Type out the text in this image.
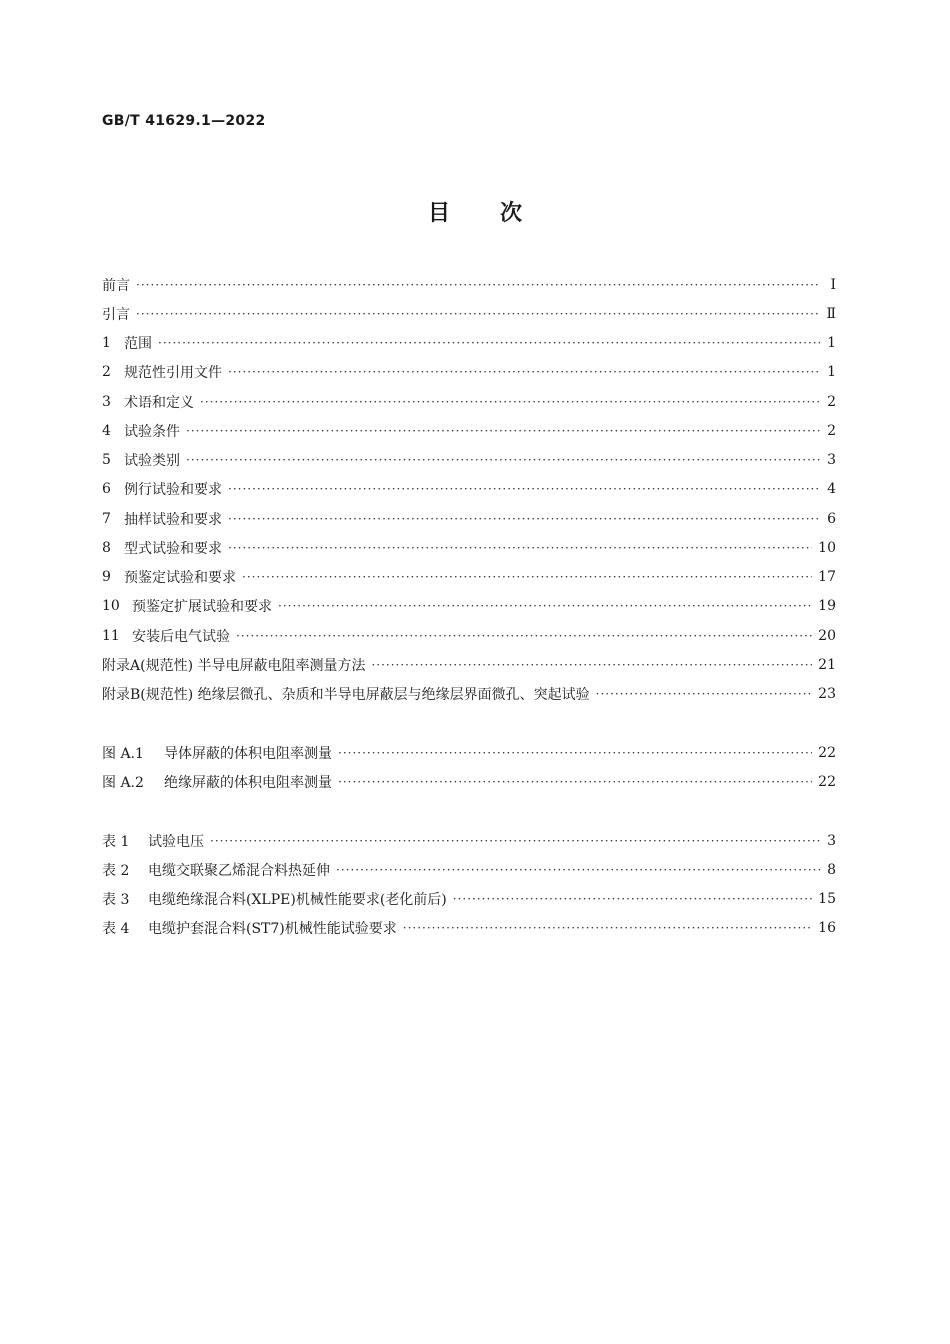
GB/T 41629.1—2022
目次
前言 ·····	Ⅰ
引言 ·····	Ⅱ
1 范围 ·····	1
2 规范性引用文件 ·····	1
3 术语和定义 ·····	2
4 试验条件 ·····	2
5 试验类别 ·····	3
6 例行试验和要求 ·····	4
7 抽样试验和要求 ·····	6
8 型式试验和要求 ·····	10
9 预鉴定试验和要求 ·····	17
10 预鉴定扩展试验和要求 ·····	19
11 安装后电气试验 ·····	20
附录A(规范性) 半导电屏蔽电阻率测量方法 ·····	21
附录B(规范性) 绝缘层微孔、杂质和半导电屏蔽层与绝缘层界面微孔、突起试验 ·····	23
图 A.1	导体屏蔽的体积电阻率测量 ·····	22
图 A.2	绝缘屏蔽的体积电阻率测量 ·····	22
表 1	试验电压 ·····	3
表 2	电缆交联聚乙烯混合料热延伸 ·····	8
表 3	电缆绝缘混合料(XLPE)机械性能要求(老化前后) ·····	15
表 4	电缆护套混合料(ST7)机械性能试验要求 ·····	16
